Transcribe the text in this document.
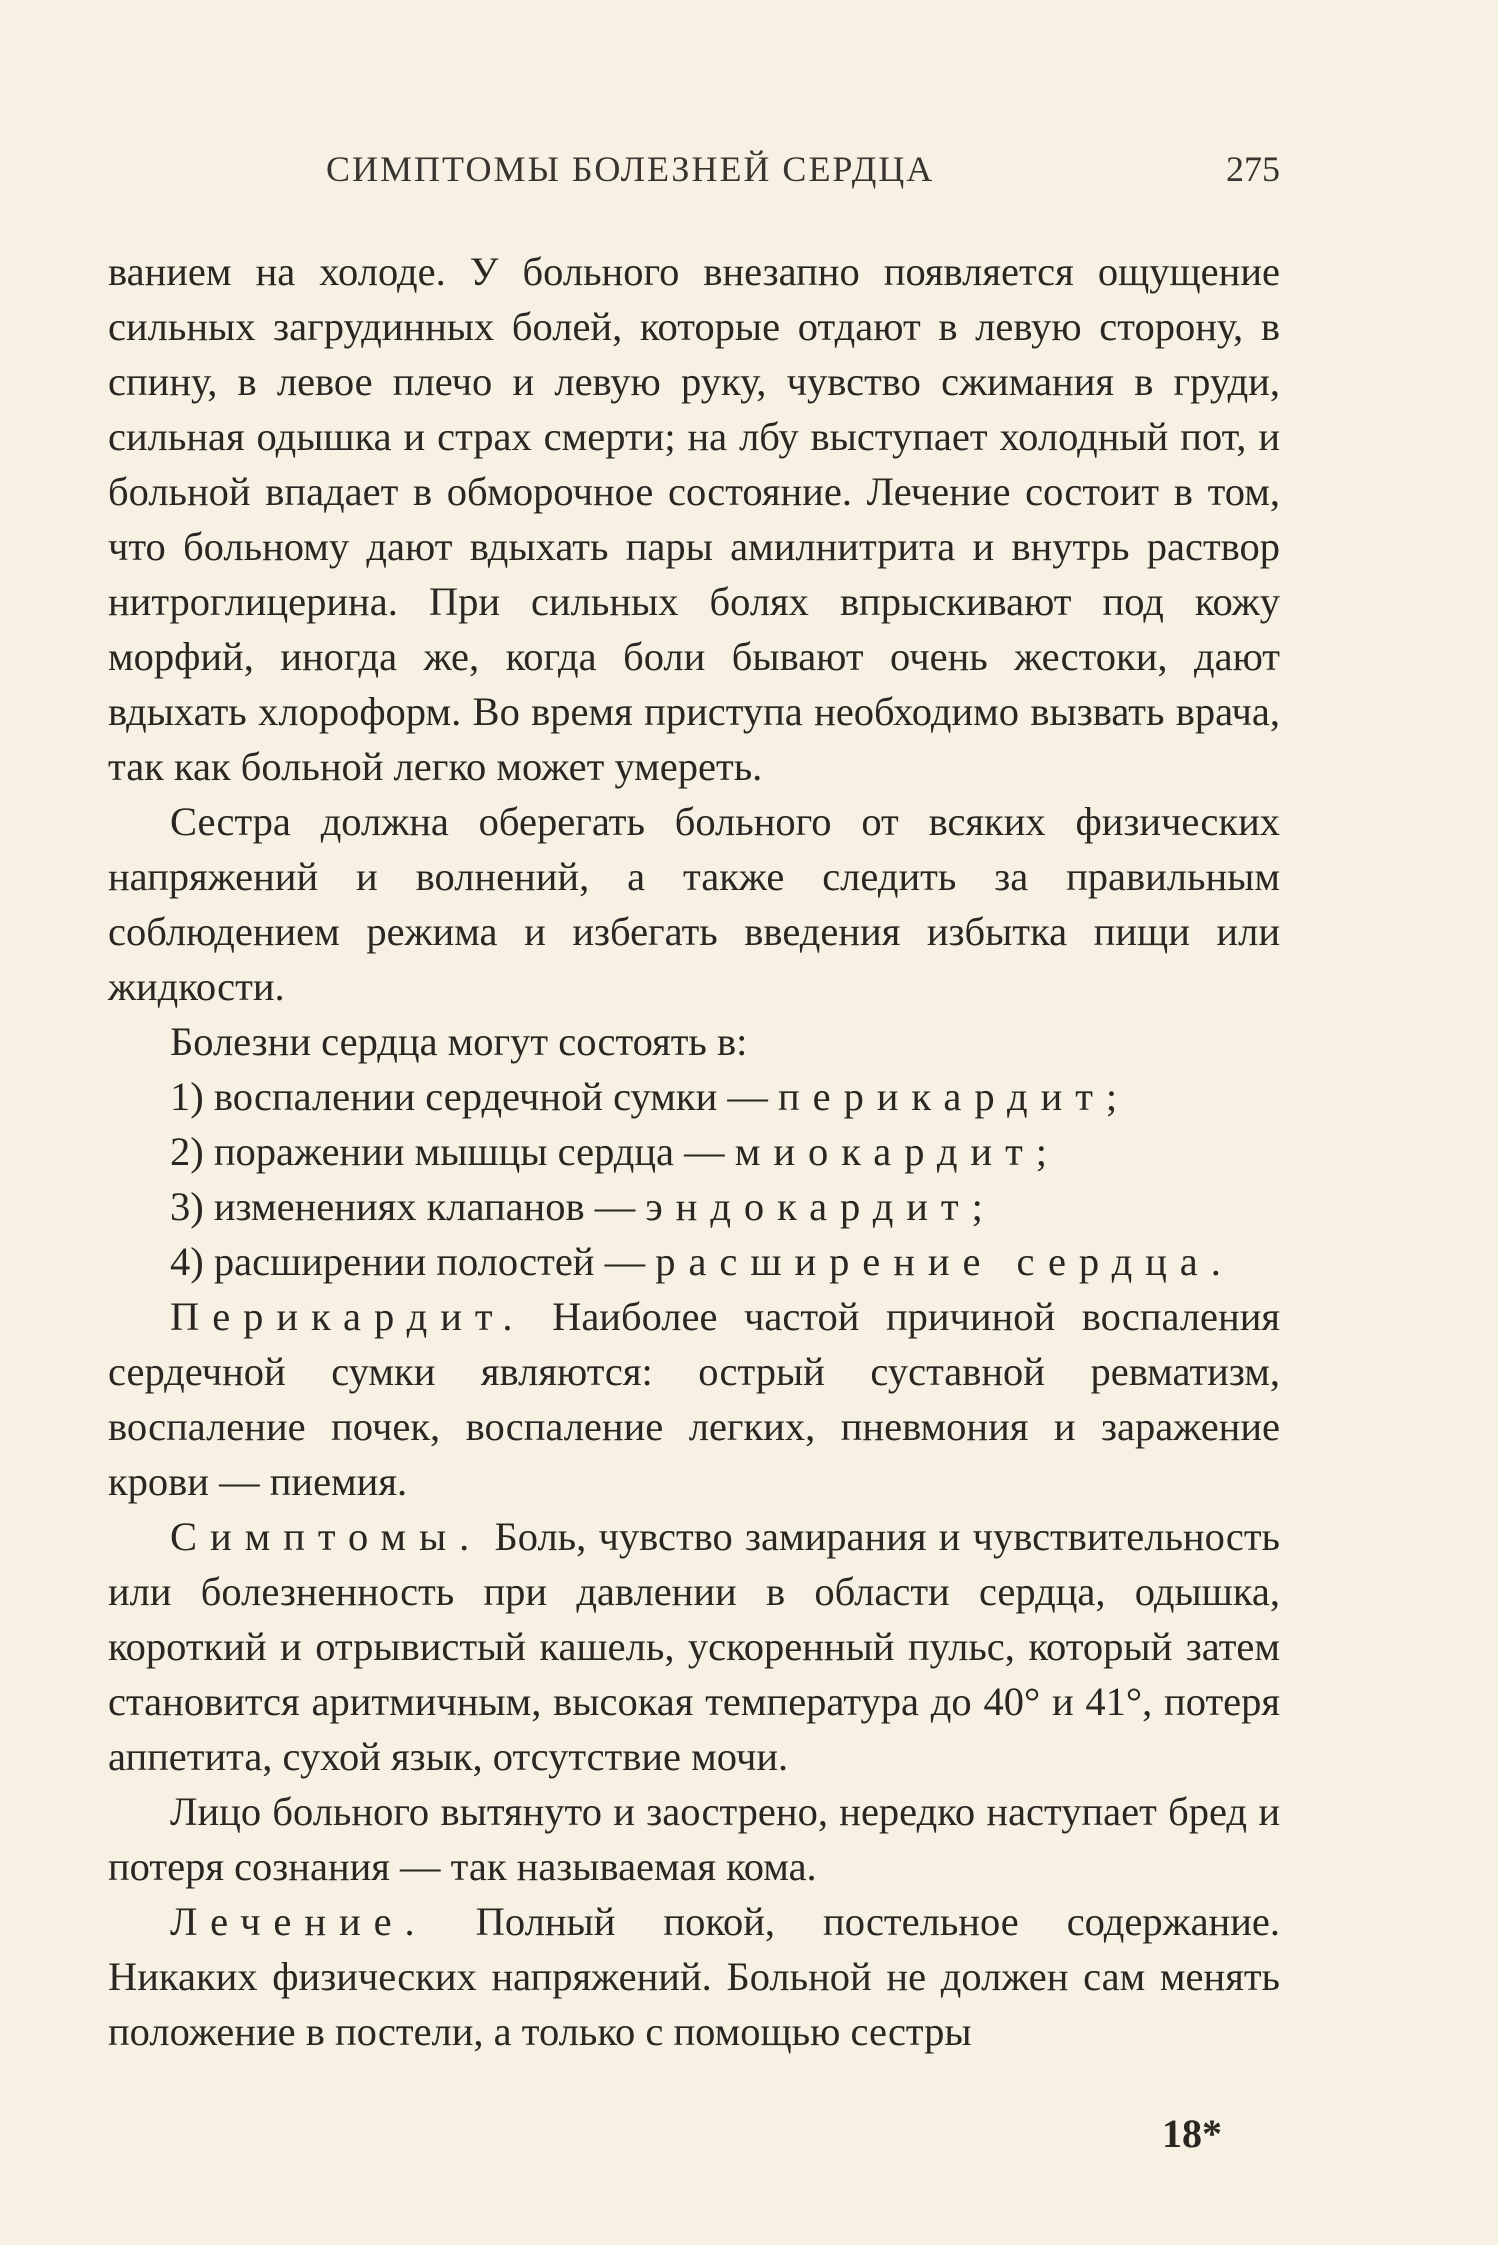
СИМПТОМЫ БОЛЕЗНЕЙ СЕРДЦА	275

ванием на холоде. У больного внезапно появляется ощущение сильных загрудинных болей, которые отдают в левую сторону, в спину, в левое плечо и левую руку, чувство сжимания в груди, сильная одышка и страх смерти; на лбу выступает холодный пот, и больной впадает в обморочное состояние. Лечение состоит в том, что больному дают вдыхать пары амилнитрита и внутрь раствор нитроглицерина. При сильных болях впрыскивают под кожу морфий, иногда же, когда боли бывают очень жестоки, дают вдыхать хлороформ. Во время приступа необходимо вызвать врача, так как больной легко может умереть.

Сестра должна оберегать больного от всяких физических напряжений и волнений, а также следить за правильным соблюдением режима и избегать введения избытка пищи или жидкости.

Болезни сердца могут состоять в:

1) воспалении сердечной сумки — перикардит;

2) поражении мышцы сердца — миокардит;

3) изменениях клапанов — эндокардит;

4) расширении полостей — расширение сердца.

Перикардит. Наиболее частой причиной воспаления сердечной сумки являются: острый суставной ревматизм, воспаление почек, воспаление легких, пневмония и заражение крови — пиемия.

Симптомы. Боль, чувство замирания и чувствительность или болезненность при давлении в области сердца, одышка, короткий и отрывистый кашель, ускоренный пульс, который затем становится аритмичным, высокая температура до 40° и 41°, потеря аппетита, сухой язык, отсутствие мочи.

Лицо больного вытянуто и заострено, нередко наступает бред и потеря сознания — так называемая кома.

Лечение. Полный покой, постельное содержание. Никаких физических напряжений. Больной не должен сам менять положение в постели, а только с помощью сестры

18*
